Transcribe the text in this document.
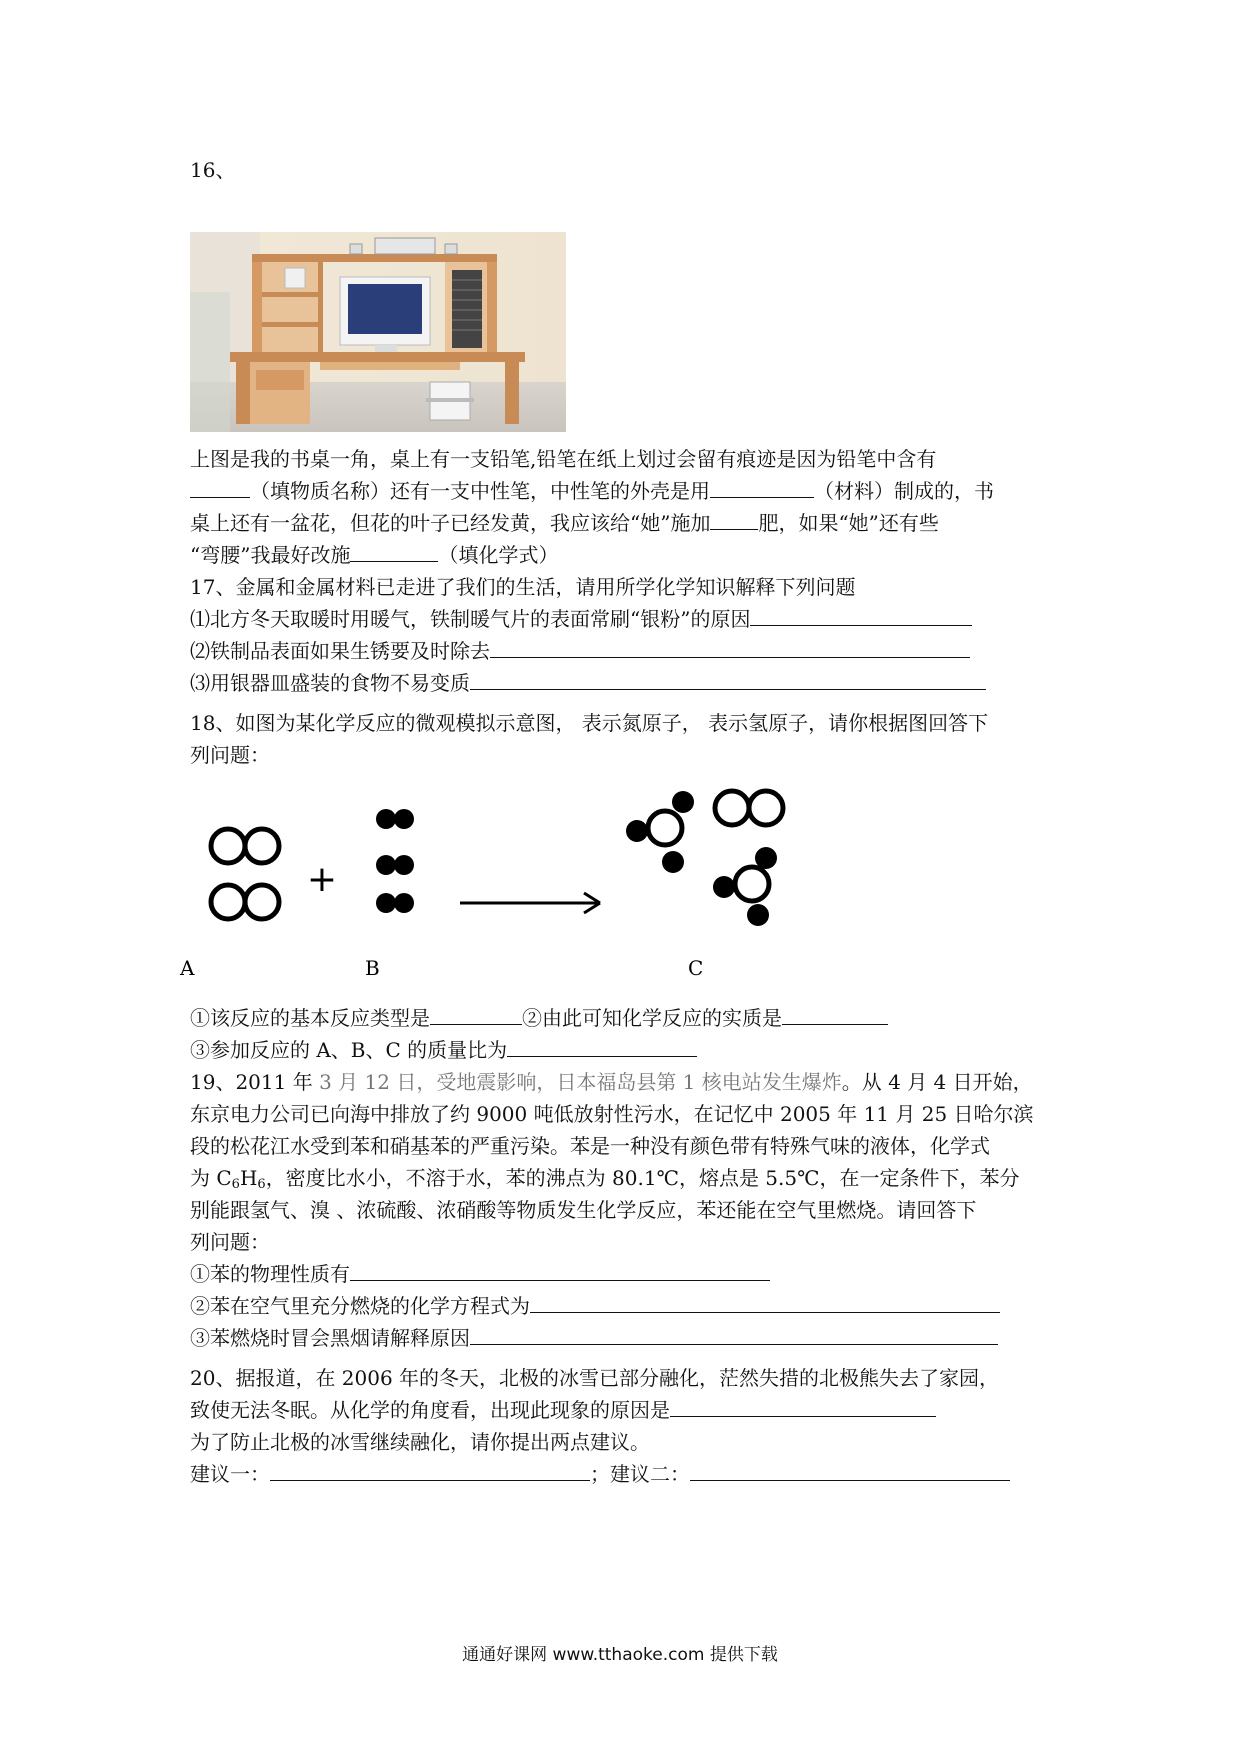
16、
上图是我的书桌一角，桌上有一支铅笔,铅笔在纸上划过会留有痕迹是因为铅笔中含有
（填物质名称）还有一支中性笔，中性笔的外壳是用	（材料）制成的，书
桌上还有一盆花，但花的叶子已经发黄，我应该给“她”施加 肥，如果“她”还有些
“弯腰”我最好改施	（填化学式）
17、金属和金属材料已走进了我们的生活，请用所学化学知识解释下列问题
⑴北方冬天取暖时用暖气，铁制暖气片的表面常刷“银粉”的原因
⑵铁制品表面如果生锈要及时除去
⑶用银器皿盛装的食物不易变质
18、如图为某化学反应的微观模拟示意图， 表示氮原子， 表示氢原子，请你根据图回答下
列问题：
+
A	B	C
①该反应的基本反应类型是	②由此可知化学反应的实质是
③参加反应的 A、B、C 的质量比为
19、2011 年 3 月 12 日，受地震影响，日本福岛县第 1 核电站发生爆炸。从 4 月 4 日开始，
东京电力公司已向海中排放了约 9000 吨低放射性污水，在记忆中 2005 年 11 月 25 日哈尔滨
段的松花江水受到苯和硝基苯的严重污染。苯是一种没有颜色带有特殊气味的液体，化学式
为 $C_6H_6$，密度比水小，不溶于水，苯的沸点为 80.1℃，熔点是 5.5℃，在一定条件下，苯分
别能跟氢气、溴 、浓硫酸、浓硝酸等物质发生化学反应，苯还能在空气里燃烧。请回答下
列问题：
①苯的物理性质有
②苯在空气里充分燃烧的化学方程式为
③苯燃烧时冒会黑烟请解释原因
20、据报道，在 2006 年的冬天，北极的冰雪已部分融化，茫然失措的北极熊失去了家园，
致使无法冬眠。从化学的角度看，出现此现象的原因是
为了防止北极的冰雪继续融化，请你提出两点建议。
建议一：	；建议二：
通通好课网 www.tthaoke.com 提供下载
